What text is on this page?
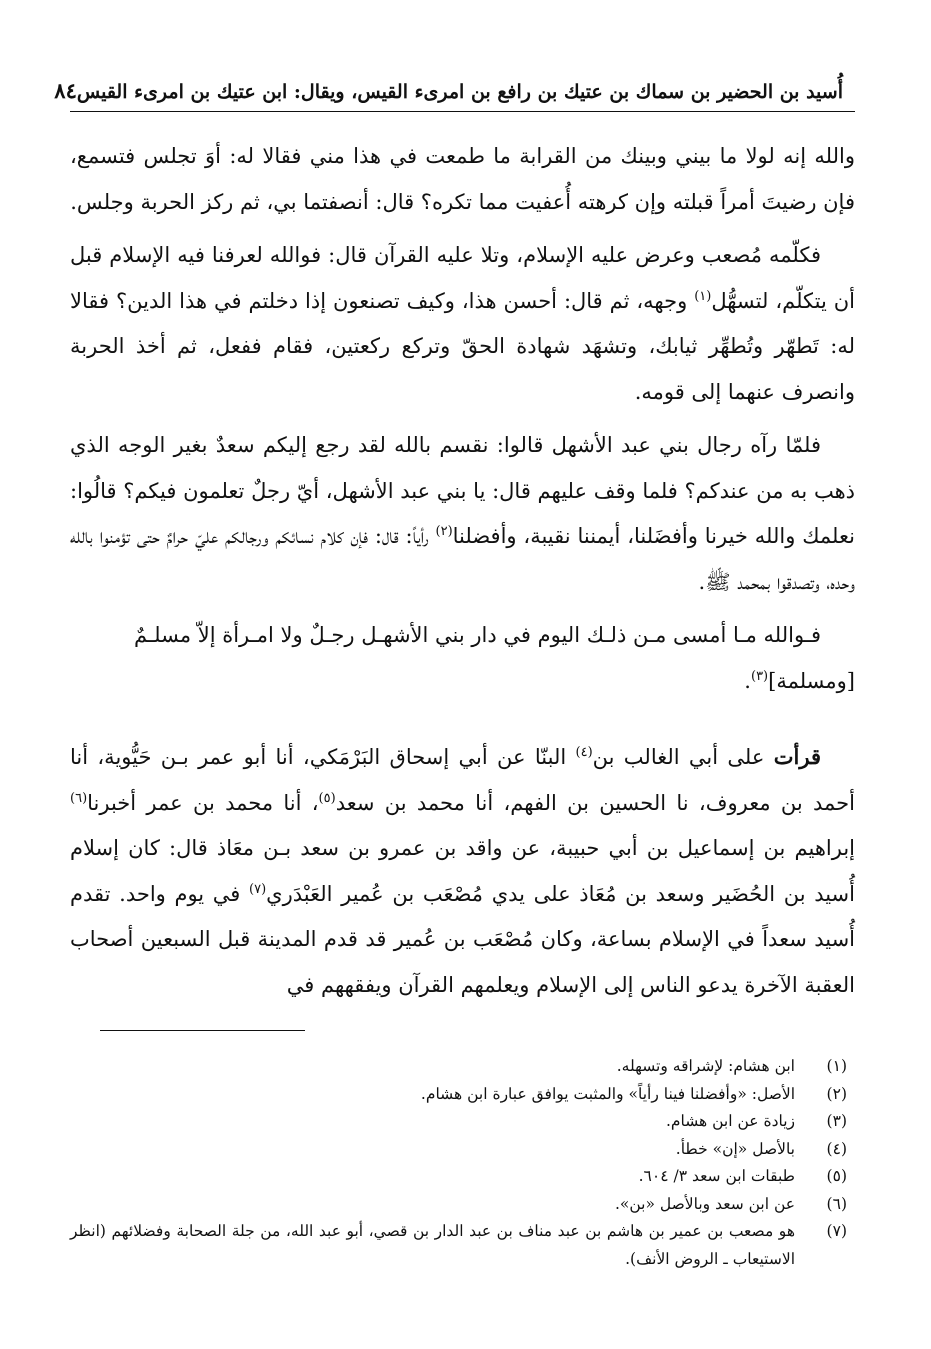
أُسيد بن الحضير بن سماك بن عتيك بن رافع بن امرىء القيس، ويقال: ابن عتيك بن امرىء القيس
٨٤

والله إنه لولا ما بيني وبينك من القرابة ما طمعت في هذا مني فقالا له: أوَ تجلس فتسمع، فإن رضيتَ أمراً قبلته وإن كرهته أُعفيت مما تكره؟ قال: أنصفتما بي، ثم ركز الحربة وجلس.

فكلّمه مُصعب وعرض عليه الإسلام، وتلا عليه القرآن قال: فوالله لعرفنا فيه الإسلام قبل أن يتكلّم، لتسهُّل$^{(١)}$ وجهه، ثم قال: أحسن هذا، وكيف تصنعون إذا دخلتم في هذا الدين؟ فقالا له: تَطهّر وتُطهِّر ثيابك، وتشهَد شهادة الحقّ وتركع ركعتين، فقام ففعل، ثم أخذ الحربة وانصرف عنهما إلى قومه.

فلمّا رآه رجال بني عبد الأشهل قالوا: نقسم بالله لقد رجع إليكم سعدٌ بغير الوجه الذي ذهب به من عندكم؟ فلما وقف عليهم قال: يا بني عبد الأشهل، أيّ رجلٌ تعلمون فيكم؟ قالُوا: نعلمك والله خيرنا وأفضَلنا، أيمننا نقيبة، وأفضلنا$^{(٢)}$ رأياً: قال: فإن كلام نسائكم ورجالكم عليّ حرامٌ حتى تؤمنوا بالله وحده، وتصدقوا بمحمد ﷺ.

فـوالله مـا أمسى مـن ذلـك اليوم في دار بني الأشهـل رجـلٌ ولا امـرأة إلاّ مسلـمٌ

[ومسلمة]$^{(٣)}$.

قرأت على أبي الغالب بن$^{(٤)}$ البنّا عن أبي إسحاق البَرْمَكي، أنا أبو عمر بـن حَيُّوية، أنا أحمد بن معروف، نا الحسين بن الفهم، أنا محمد بن سعد$^{(٥)}$، أنا محمد بن عمر أخبرنا$^{(٦)}$ إبراهيم بن إسماعيل بن أبي حبيبة، عن واقد بن عمرو بن سعد بـن معَاذ قال: كان إسلام أُسيد بن الحُضَير وسعد بن مُعَاذ على يدي مُصْعَب بن عُمير العَبْدَري$^{(٧)}$ في يوم واحد. تقدم أُسيد سعداً في الإسلام بساعة، وكان مُصْعَب بن عُمير قد قدم المدينة قبل السبعين أصحاب العقبة الآخرة يدعو الناس إلى الإسلام ويعلمهم القرآن ويفقههم في

(١)
ابن هشام: لإشراقه وتسهله.
(٢)
الأصل: «وأفضلنا فينا رأياً» والمثبت يوافق عبارة ابن هشام.
(٣)
زيادة عن ابن هشام.
(٤)
بالأصل «إن» خطأ.
(٥)
طبقات ابن سعد ٣/ ٦٠٤.
(٦)
عن ابن سعد وبالأصل «بن».
(٧)
هو مصعب بن عمير بن هاشم بن عبد مناف بن عبد الدار بن قصي، أبو عبد الله، من جلة الصحابة وفضلائهم (انظر الاستيعاب ـ الروض الأنف).
